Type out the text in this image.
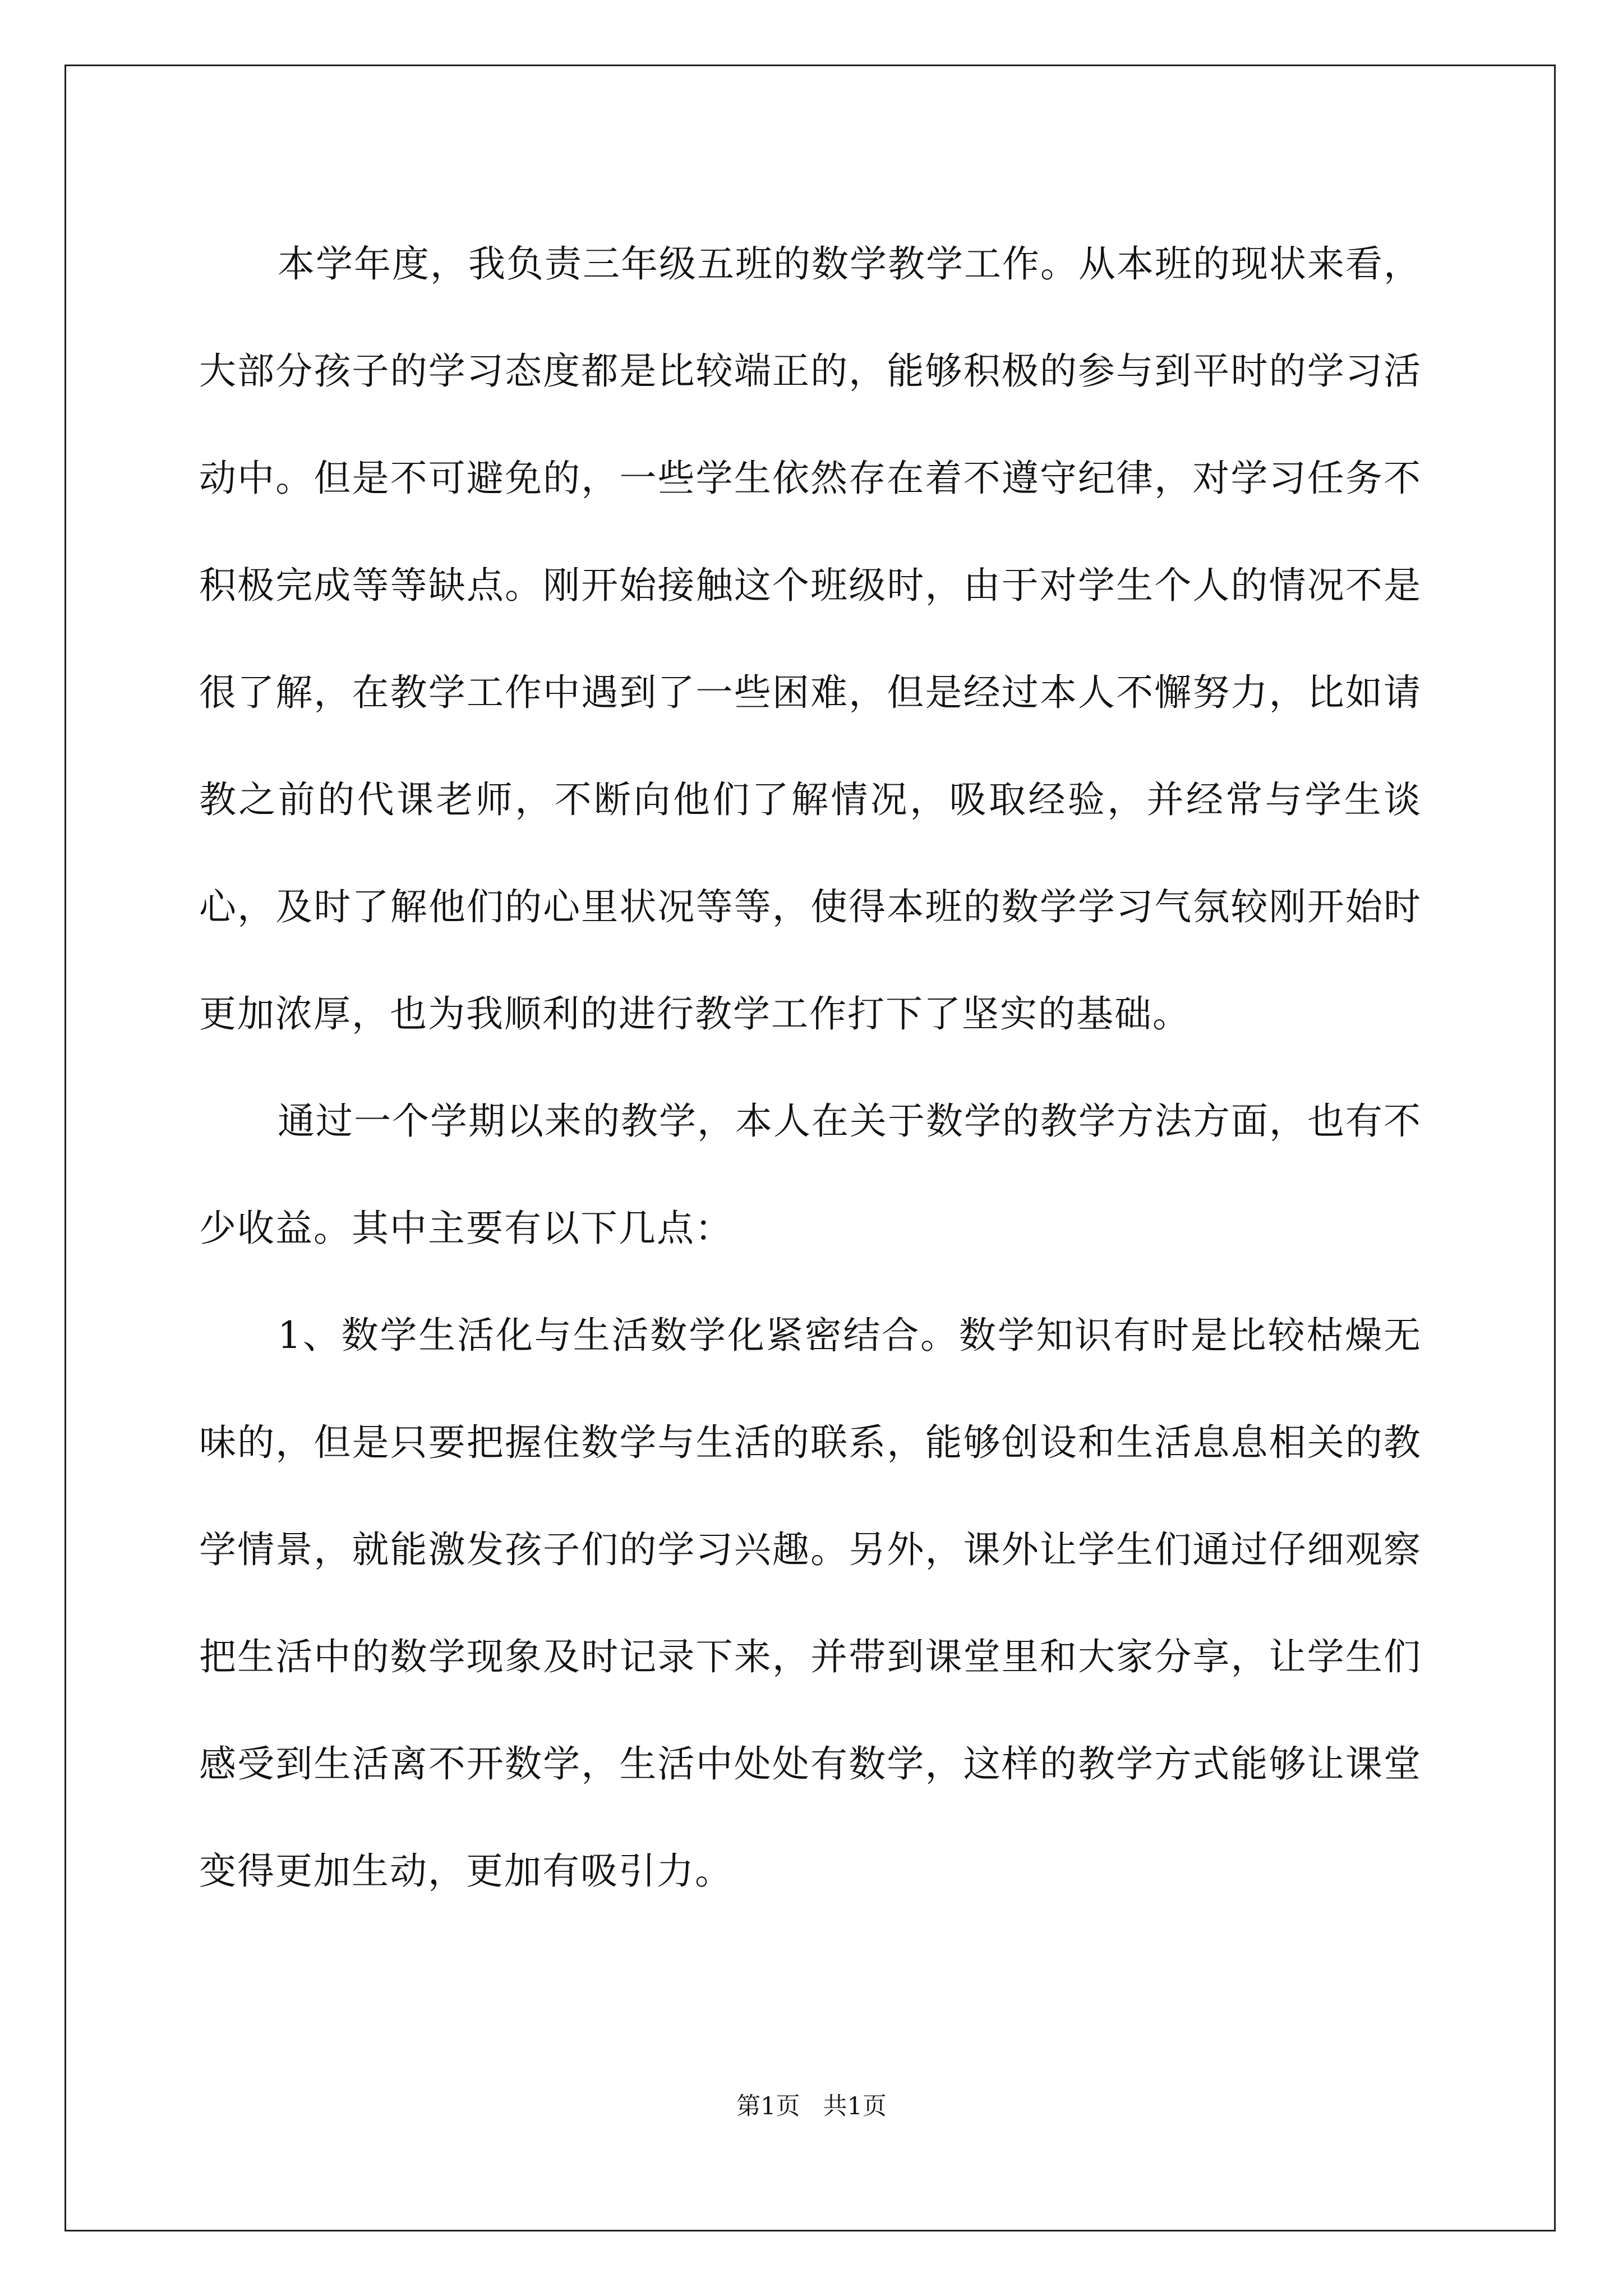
本学年度，我负责三年级五班的数学教学工作。从本班的现状来看，大部分孩子的学习态度都是比较端正的，能够积极的参与到平时的学习活动中。但是不可避免的，一些学生依然存在着不遵守纪律，对学习任务不积极完成等等缺点。刚开始接触这个班级时，由于对学生个人的情况不是很了解，在教学工作中遇到了一些困难，但是经过本人不懈努力，比如请教之前的代课老师，不断向他们了解情况，吸取经验，并经常与学生谈心，及时了解他们的心里状况等等，使得本班的数学学习气氛较刚开始时更加浓厚，也为我顺利的进行教学工作打下了坚实的基础。

通过一个学期以来的教学，本人在关于数学的教学方法方面，也有不少收益。其中主要有以下几点：

1、数学生活化与生活数学化紧密结合。数学知识有时是比较枯燥无味的，但是只要把握住数学与生活的联系，能够创设和生活息息相关的教学情景，就能激发孩子们的学习兴趣。另外，课外让学生们通过仔细观察把生活中的数学现象及时记录下来，并带到课堂里和大家分享，让学生们感受到生活离不开数学，生活中处处有数学，这样的教学方式能够让课堂变得更加生动，更加有吸引力。

第1页 共1页
